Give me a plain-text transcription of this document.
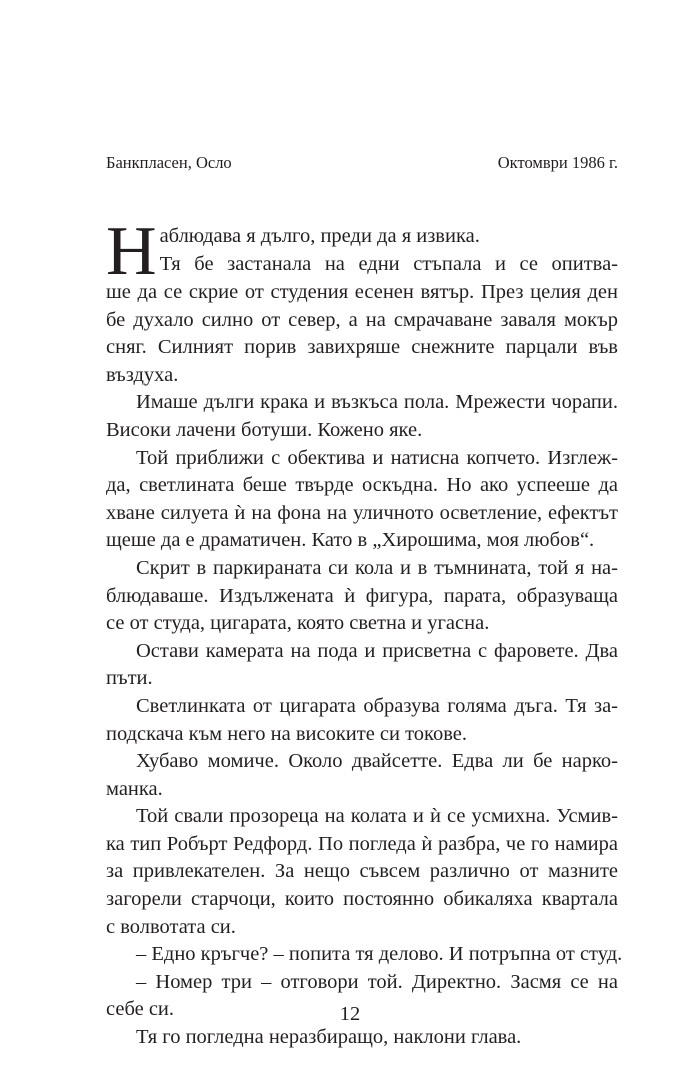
Банкпласен, Осло	Октомври 1986 г.
Н аблюдава я дълго, преди да я извика.
Тя бе застанала на едни стъпала и се опитва-
ше да се скрие от студения есенен вятър. През целия ден
бе духало силно от север, а на смрачаване заваля мокър
сняг. Силният порив завихряше снежните парцали във
въздуха.
Имаше дълги крака и възкъса пола. Мрежести чорапи.
Високи лачени ботуши. Кожено яке.
Той приближи с обектива и натисна копчето. Изглеж-
да, светлината беше твърде оскъдна. Но ако успееше да
хване силуета ѝ на фона на уличното осветление, ефектът
щеше да е драматичен. Като в „Хирошима, моя любов“.
Скрит в паркираната си кола и в тъмнината, той я на-
блюдаваше. Издължената ѝ фигура, парата, образуваща
се от студа, цигарата, която светна и угасна.
Остави камерата на пода и присветна с фаровете. Два
пъти.
Светлинката от цигарата образува голяма дъга. Тя за-
подскача към него на високите си токове.
Хубаво момиче. Около двайсетте. Едва ли бе нарко-
манка.
Той свали прозореца на колата и ѝ се усмихна. Усмив-
ка тип Робърт Редфорд. По погледа ѝ разбра, че го намира
за привлекателен. За нещо съвсем различно от мазните
загорели старчоци, които постоянно обикаляха квартала
с волвотата си.
– Едно кръгче? – попита тя делово. И потръпна от студ.
– Номер три – отговори той. Директно. Засмя се на
себе си.
Тя го погледна неразбиращо, наклони глава.
12
